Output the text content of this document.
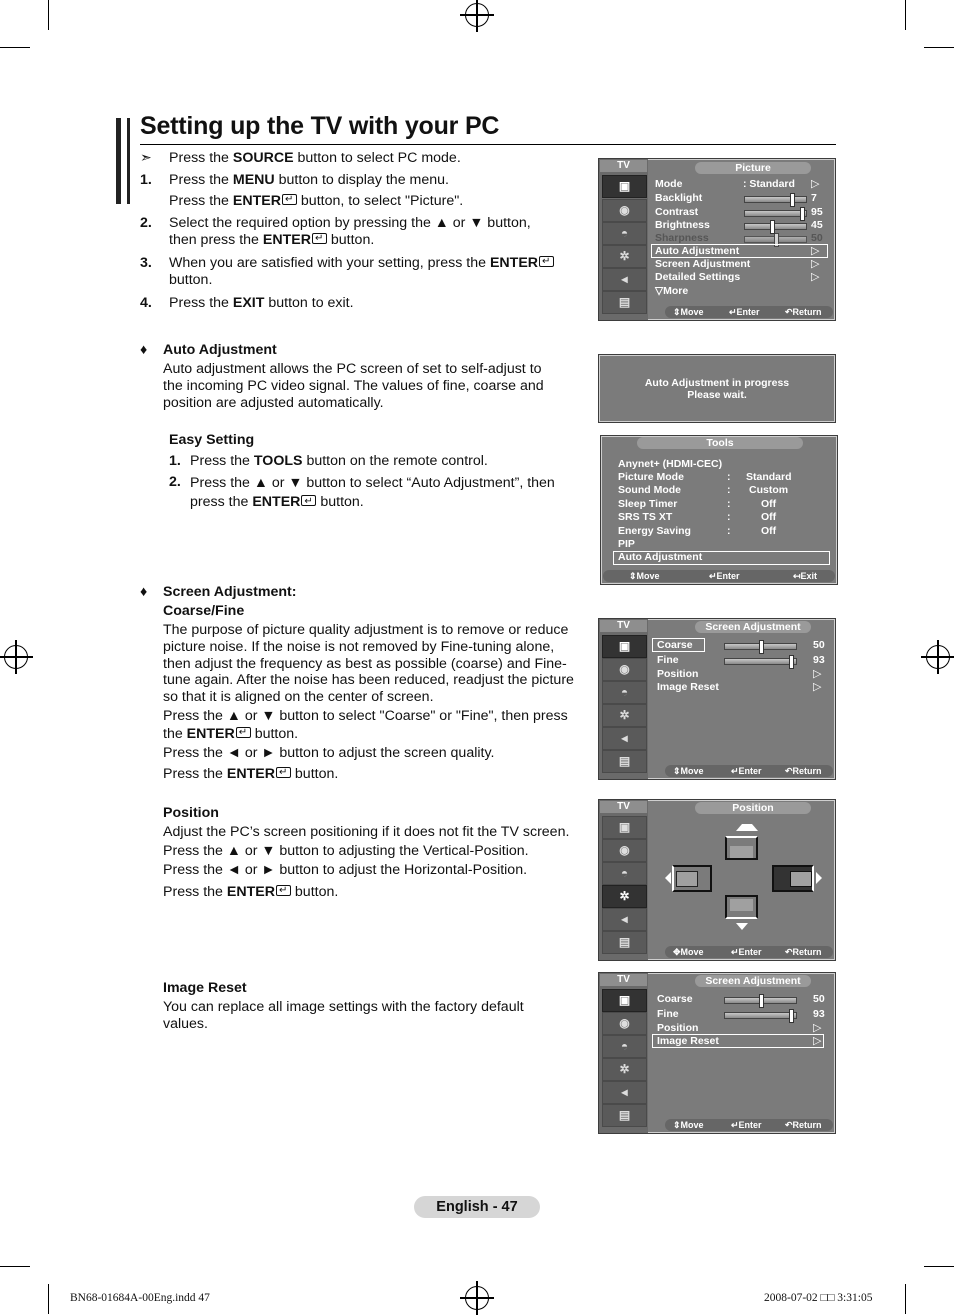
Setting up the TV with your PC
➣ Press the SOURCE button to select PC mode.
1. Press the MENU button to display the menu.
Press the ENTER↵ button, to select "Picture".
2. Select the required option by pressing the ▲ or ▼ button,
then press the ENTER↵ button.
3. When you are satisfied with your setting, press the ENTER↵
button.
4. Press the EXIT button to exit.
♦ Auto Adjustment
Auto adjustment allows the PC screen of set to self-adjust to
the incoming PC video signal. The values of fine, coarse and
position are adjusted automatically.
Easy Setting
1. Press the TOOLS button on the remote control.
2. Press the ▲ or ▼ button to select “Auto Adjustment”, then
press the ENTER↵ button.
♦ Screen Adjustment:
Coarse/Fine
The purpose of picture quality adjustment is to remove or reduce
picture noise. If the noise is not removed by Fine-tuning alone,
then adjust the frequency as best as possible (coarse) and Fine-
tune again. After the noise has been reduced, readjust the picture
so that it is aligned on the center of screen.
Press the ▲ or ▼ button to select "Coarse" or "Fine", then press
the ENTER↵ button.
Press the ◄ or ► button to adjust the screen quality.
Press the ENTER↵ button.
Position
Adjust the PC’s screen positioning if it does not fit the TV screen.
Press the ▲ or ▼ button to adjusting the Vertical-Position.
Press the ◄ or ► button to adjust the Horizontal-Position.
Press the ENTER↵ button.
Image Reset
You can replace all image settings with the factory default
values.
TV
▣
◉
◓
✲
◂
▤
Picture
Mode	: Standard ▷
Backlight	7
Contrast	95
Brightness	45
Sharpness	50
Auto Adjustment	▷
Screen Adjustment	▷
Detailed Settings	▷
▽More
⇕ Move	↵ Enter	↶ Return
Auto Adjustment in progress
Please wait.
Tools
Anynet+ (HDMI-CEC)
Picture Mode	: Standard
Sound Mode	: Custom
Sleep Timer	:	Off
SRS TS XT	:	Off
Energy Saving	:	Off
PIP
Auto Adjustment
⇕ Move	↵ Enter	↤ Exit
TV
▣
◉
◓
✲
◂
▤
Screen Adjustment
Coarse	50
Fine	93
Position	▷
Image Reset	▷
⇕ Move	↵ Enter	↶ Return
TV
▣
◉
◓
✲
◂
▤
Position
✥ Move	↵ Enter	↶ Return
TV
▣
◉
◓
✲
◂
▤
Screen Adjustment
Coarse	50
Fine	93
Position	▷
Image Reset	▷
⇕ Move	↵ Enter	↶ Return
English - 47
BN68-01684A-00Eng.indd 47	2008-07-02 □□ 3:31:05
